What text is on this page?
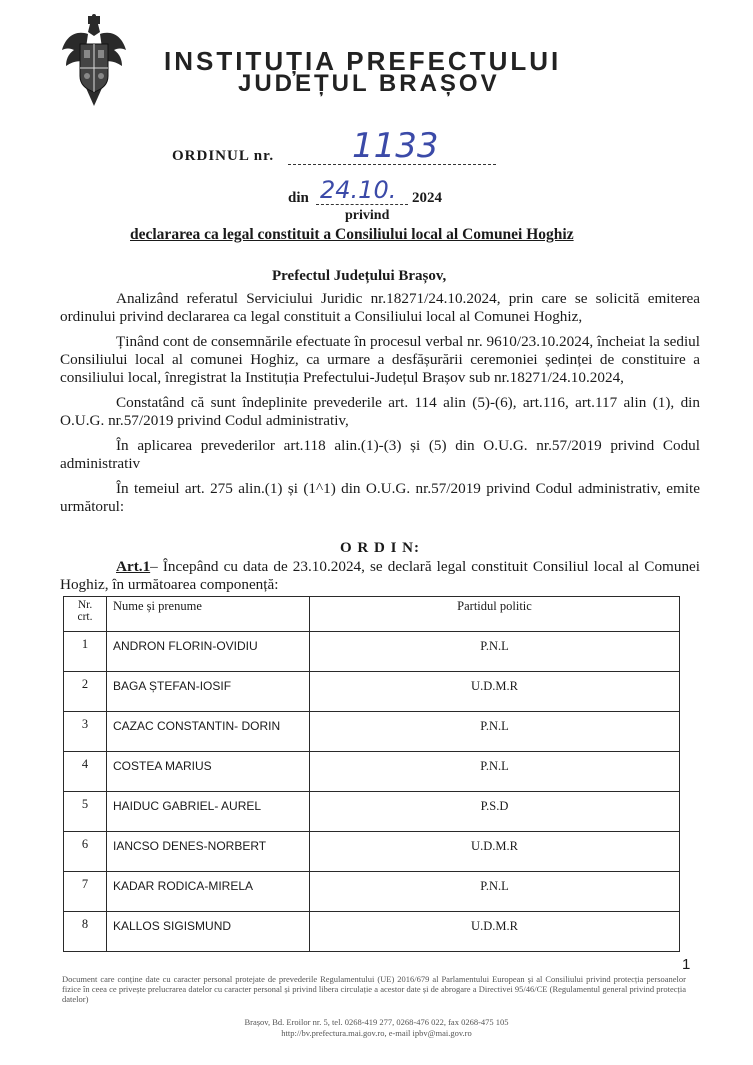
INSTITUȚIA PREFECTULUI
JUDEȚUL BRAȘOV
ORDINUL nr. 1133
din 24.10. 2024
privind
declararea ca legal constituit a Consiliului local al Comunei Hoghiz
Prefectul Județului Brașov,

Analizând referatul Serviciului Juridic nr.18271/24.10.2024, prin care se solicită emiterea ordinului privind declararea ca legal constituit a Consiliului local al Comunei Hoghiz,

Ținând cont de consemnările efectuate în procesul verbal nr. 9610/23.10.2024, încheiat la sediul Consiliului local al comunei Hoghiz, ca urmare a desfășurării ceremoniei ședinței de constituire a consiliului local, înregistrat la Instituția Prefectului-Județul Brașov sub nr.18271/24.10.2024,

Constatând că sunt îndeplinite prevederile art. 114 alin (5)-(6), art.116, art.117 alin (1), din O.U.G. nr.57/2019 privind Codul administrativ,

În aplicarea prevederilor art.118 alin.(1)-(3) și (5) din O.U.G. nr.57/2019 privind Codul administrativ

În temeiul art. 275 alin.(1) și (1^1) din O.U.G. nr.57/2019 privind Codul administrativ, emite următorul:

O R D I N:
Art.1– Începând cu data de 23.10.2024, se declară legal constituit Consiliul local al Comunei Hoghiz, în următoarea componență:
Nr. crt.	Nume și prenume	Partidul politic
1	ANDRON FLORIN-OVIDIU	P.N.L
2	BAGA ȘTEFAN-IOSIF	U.D.M.R
3	CAZAC CONSTANTIN- DORIN	P.N.L
4	COSTEA MARIUS	P.N.L
5	HAIDUC GABRIEL- AUREL	P.S.D
6	IANCSO DENES-NORBERT	U.D.M.R
7	KADAR RODICA-MIRELA	P.N.L
8	KALLOS SIGISMUND	U.D.M.R
1
Document care conține date cu caracter personal protejate de prevederile Regulamentului (UE) 2016/679 al Parlamentului European și al Consiliului privind protecția persoanelor fizice în ceea ce privește prelucrarea datelor cu caracter personal și privind libera circulație a acestor date și de abrogare a Directivei 95/46/CE (Regulamentul general privind protecția datelor)
Brașov, Bd. Eroilor nr. 5, tel. 0268-419 277, 0268-476 022, fax 0268-475 105
http://bv.prefectura.mai.gov.ro, e-mail ipbv@mai.gov.ro
